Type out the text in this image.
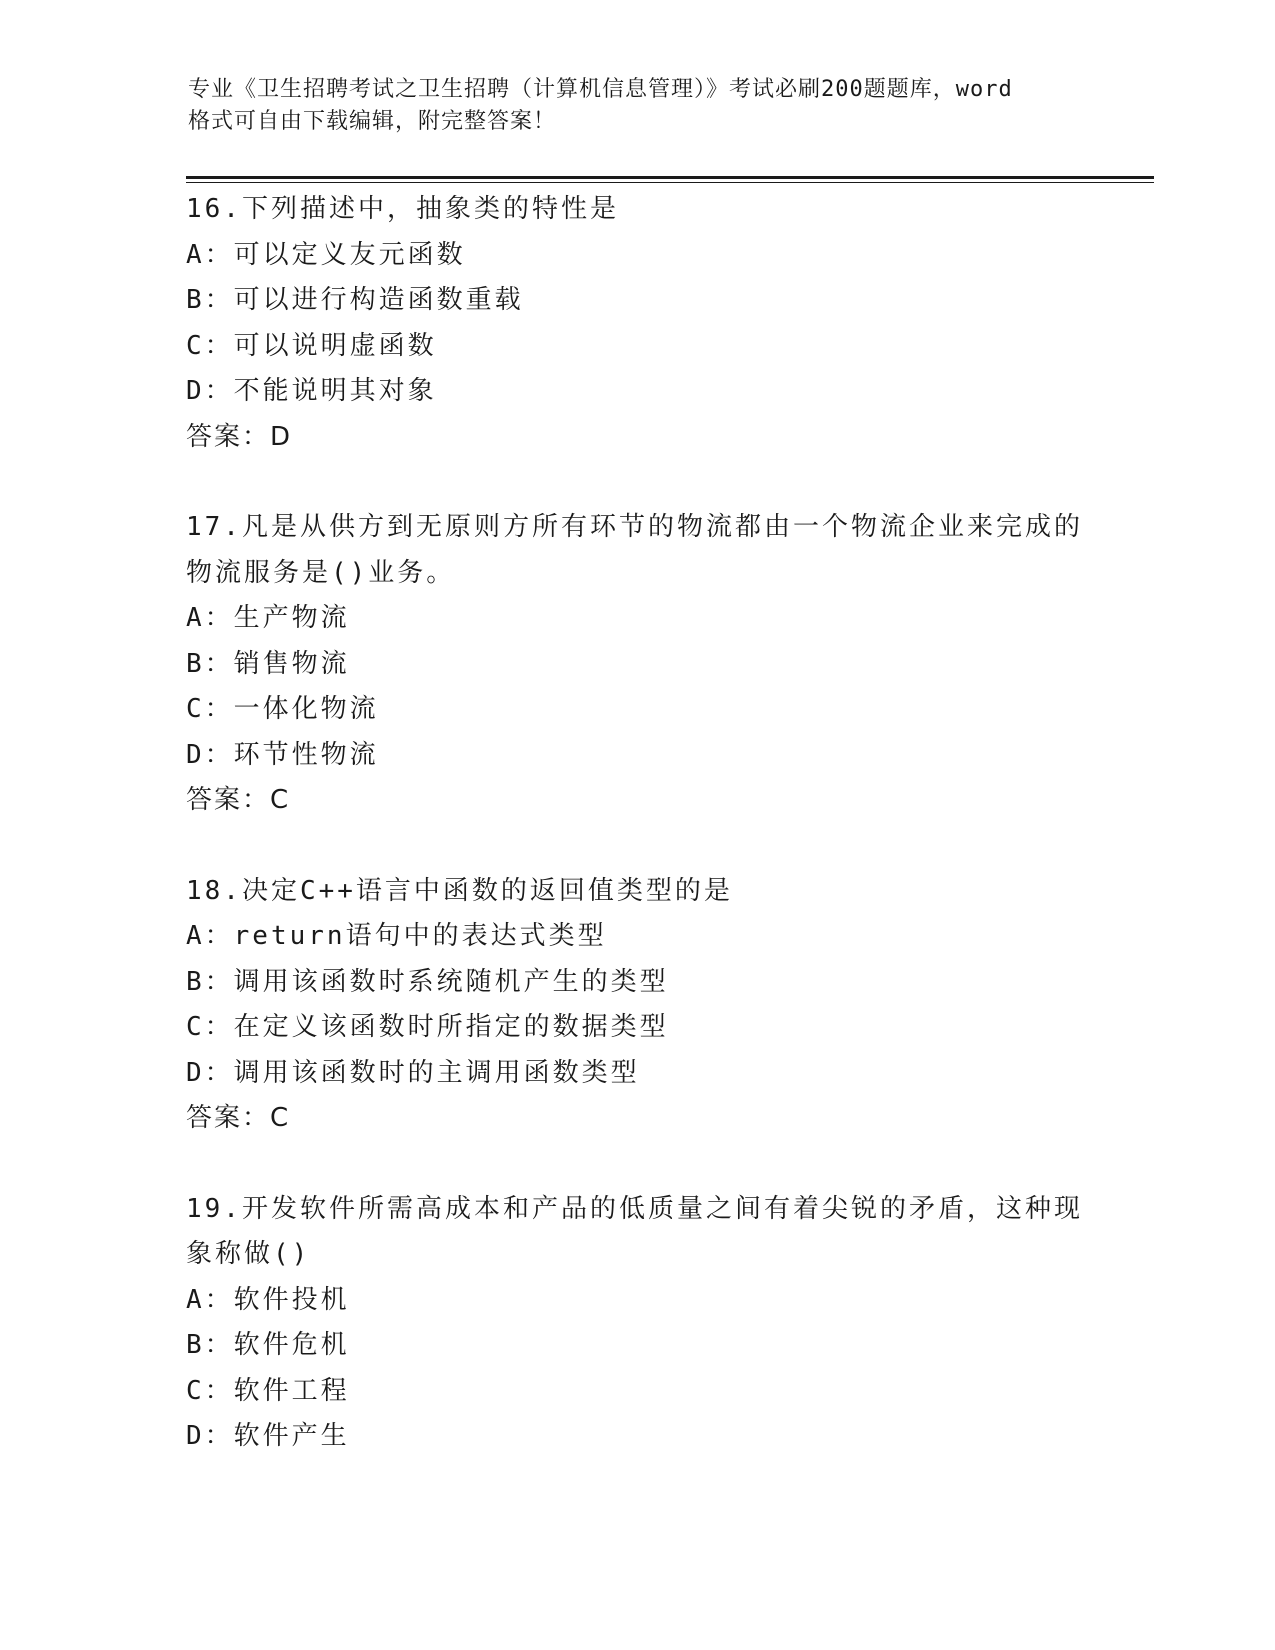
专业《卫生招聘考试之卫生招聘（计算机信息管理）》考试必刷200题题库，word
格式可自由下载编辑，附完整答案！
16.下列描述中，抽象类的特性是
A：可以定义友元函数
B：可以进行构造函数重载
C：可以说明虚函数
D：不能说明其对象
答案：D
17.凡是从供方到无原则方所有环节的物流都由一个物流企业来完成的
物流服务是()业务。
A：生产物流
B：销售物流
C：一体化物流
D：环节性物流
答案：C
18.决定C++语言中函数的返回值类型的是
A：return语句中的表达式类型
B：调用该函数时系统随机产生的类型
C：在定义该函数时所指定的数据类型
D：调用该函数时的主调用函数类型
答案：C
19.开发软件所需高成本和产品的低质量之间有着尖锐的矛盾，这种现
象称做()
A：软件投机
B：软件危机
C：软件工程
D：软件产生
